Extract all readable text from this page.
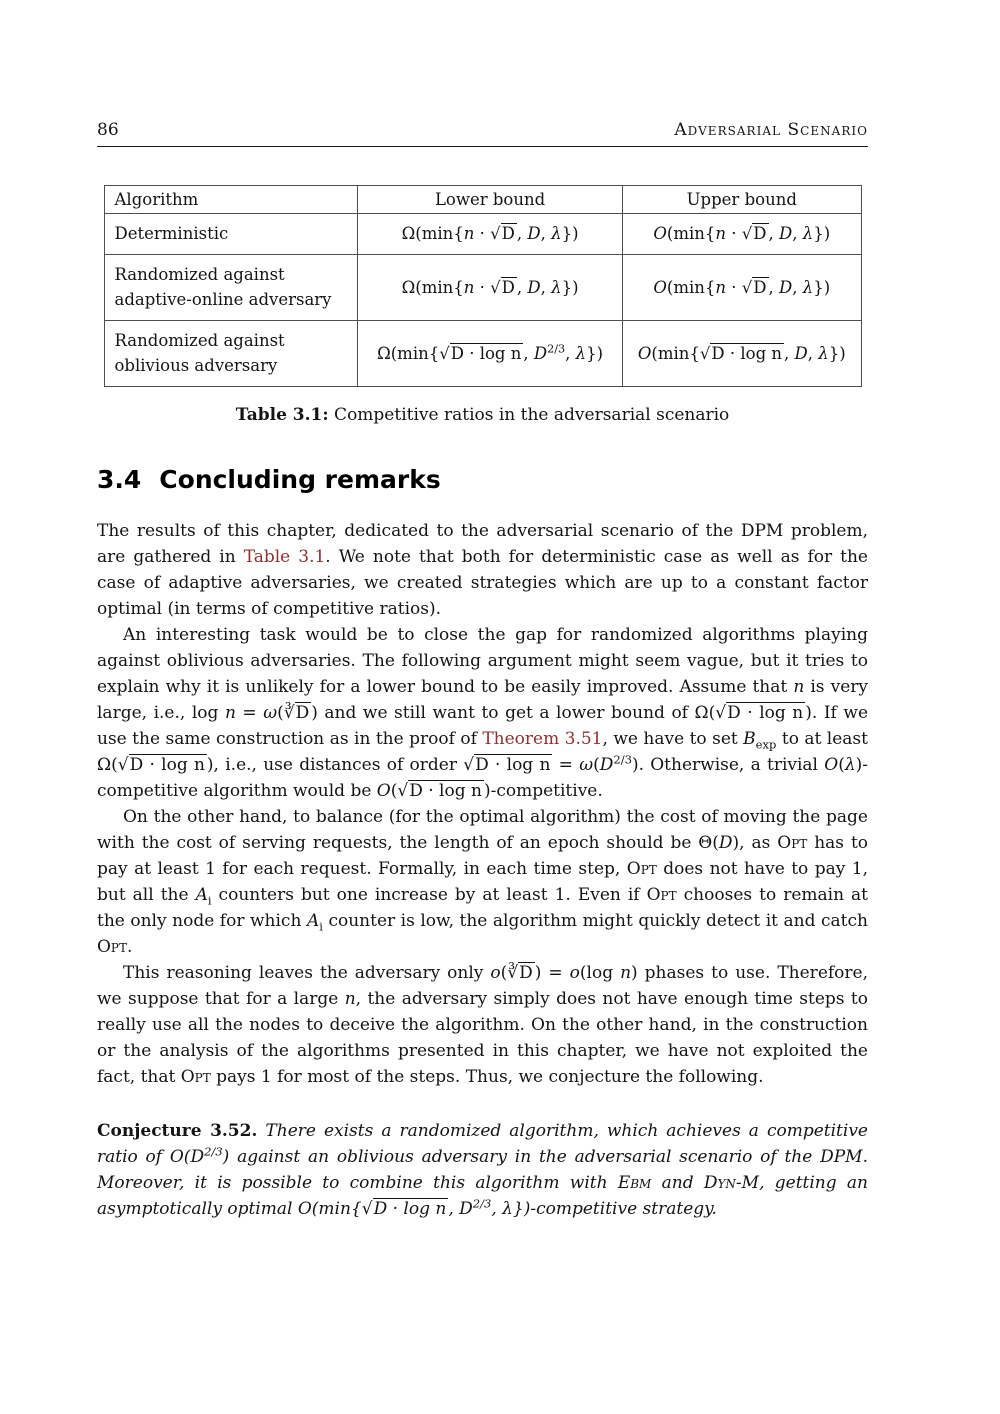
86	Adversarial Scenario
Algorithm	Lower bound	Upper bound
Deterministic	Ω(min{n · √D , D, λ})	O(min{n · √D , D, λ})
Randomized against adaptive-online adversary	Ω(min{n · √D , D, λ})	O(min{n · √D , D, λ})
Randomized against oblivious adversary	Ω(min{√D · log n , $D^{2/3}$, λ})	O(min{√D · log n , D, λ})
Table 3.1: Competitive ratios in the adversarial scenario
3.4 Concluding remarks

The results of this chapter, dedicated to the adversarial scenario of the DPM problem, are gathered in Table 3.1. We note that both for deterministic case as well as for the case of adaptive adversaries, we created strategies which are up to a constant factor optimal (in terms of competitive ratios).

An interesting task would be to close the gap for randomized algorithms playing against oblivious adversaries. The following argument might seem vague, but it tries to explain why it is unlikely for a lower bound to be easily improved. Assume that n is very large, i.e., log n = ω(∛D ) and we still want to get a lower bound of Ω(√D · log n ). If we use the same construction as in the proof of Theorem 3.51, we have to set $B_{exp}$ to at least Ω(√D · log n ), i.e., use distances of order $√D \cdot \log n = \omega(D^{2/3})$. Otherwise, a trivial O(λ)-competitive algorithm would be O(√D · log n )-competitive.

On the other hand, to balance (for the optimal algorithm) the cost of moving the page with the cost of serving requests, the length of an epoch should be Θ(D), as Opt has to pay at least 1 for each request. Formally, in each time step, Opt does not have to pay 1, but all the $A_i$ counters but one increase by at least 1. Even if Opt chooses to remain at the only node for which $A_i$ counter is low, the algorithm might quickly detect it and catch Opt.

This reasoning leaves the adversary only o(∛D ) = o(log n) phases to use. Therefore, we suppose that for a large n, the adversary simply does not have enough time steps to really use all the nodes to deceive the algorithm. On the other hand, in the construction or the analysis of the algorithms presented in this chapter, we have not exploited the fact, that Opt pays 1 for most of the steps. Thus, we conjecture the following.

Conjecture 3.52. There exists a randomized algorithm, which achieves a competitive ratio of $O(D^{2/3})$ against an oblivious adversary in the adversarial scenario of the DPM. Moreover, it is possible to combine this algorithm with Ebm and Dyn-M, getting an asymptotically optimal O(min{√D · log n , $D^{2/3}$, λ})-competitive strategy.
